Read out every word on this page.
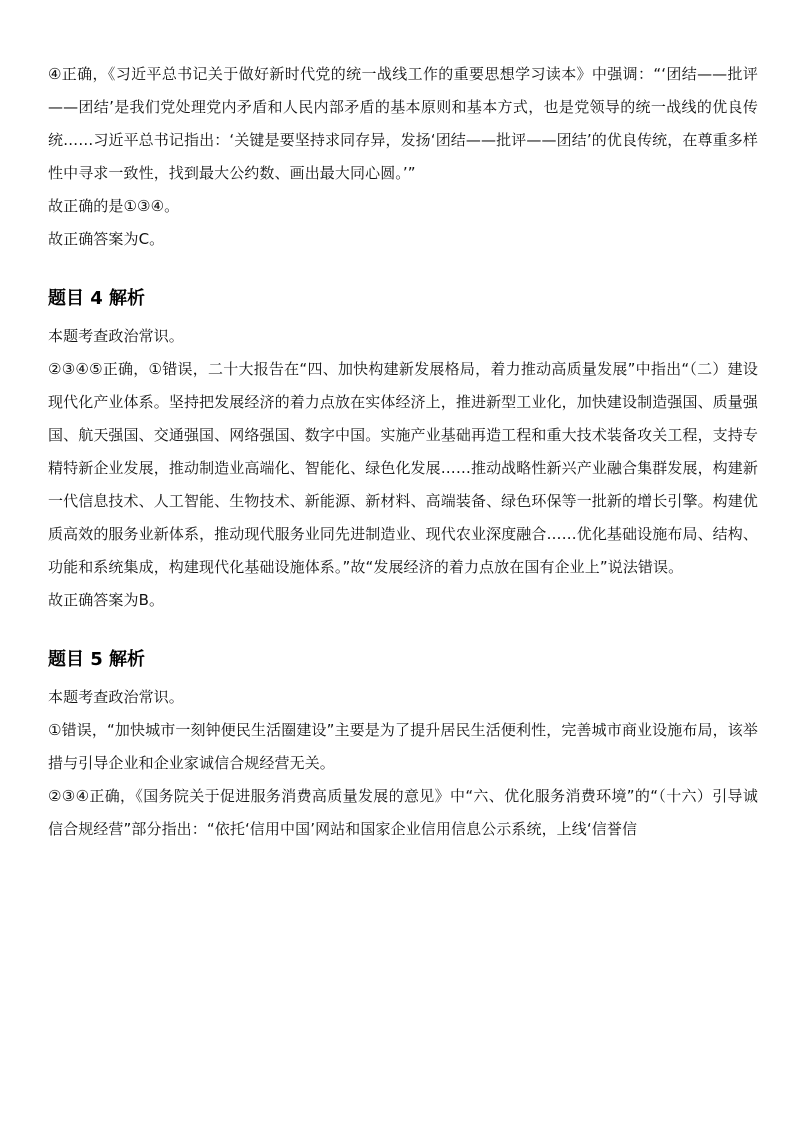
④正确，《习近平总书记关于做好新时代党的统一战线工作的重要思想学习读本》中强调：“‘团结——批评——团结’是我们党处理党内矛盾和人民内部矛盾的基本原则和基本方式，也是党领导的统一战线的优良传统……习近平总书记指出：‘关键是要坚持求同存异，发扬‘团结——批评——团结’的优良传统，在尊重多样性中寻求一致性，找到最大公约数、画出最大同心圆。’”

故正确的是①③④。

故正确答案为C。

题目 4 解析

本题考查政治常识。

②③④⑤正确，①错误，二十大报告在“四、加快构建新发展格局，着力推动高质量发展”中指出“（二）建设现代化产业体系。坚持把发展经济的着力点放在实体经济上，推进新型工业化，加快建设制造强国、质量强国、航天强国、交通强国、网络强国、数字中国。实施产业基础再造工程和重大技术装备攻关工程，支持专精特新企业发展，推动制造业高端化、智能化、绿色化发展……推动战略性新兴产业融合集群发展，构建新一代信息技术、人工智能、生物技术、新能源、新材料、高端装备、绿色环保等一批新的增长引擎。构建优质高效的服务业新体系，推动现代服务业同先进制造业、现代农业深度融合……优化基础设施布局、结构、功能和系统集成，构建现代化基础设施体系。”故“发展经济的着力点放在国有企业上”说法错误。

故正确答案为B。

题目 5 解析

本题考查政治常识。

①错误，“加快城市一刻钟便民生活圈建设”主要是为了提升居民生活便利性，完善城市商业设施布局，该举措与引导企业和企业家诚信合规经营无关。

②③④正确，《国务院关于促进服务消费高质量发展的意见》中“六、优化服务消费环境”的“（十六）引导诚信合规经营”部分指出：“依托‘信用中国’网站和国家企业信用信息公示系统，上线‘信誉信
